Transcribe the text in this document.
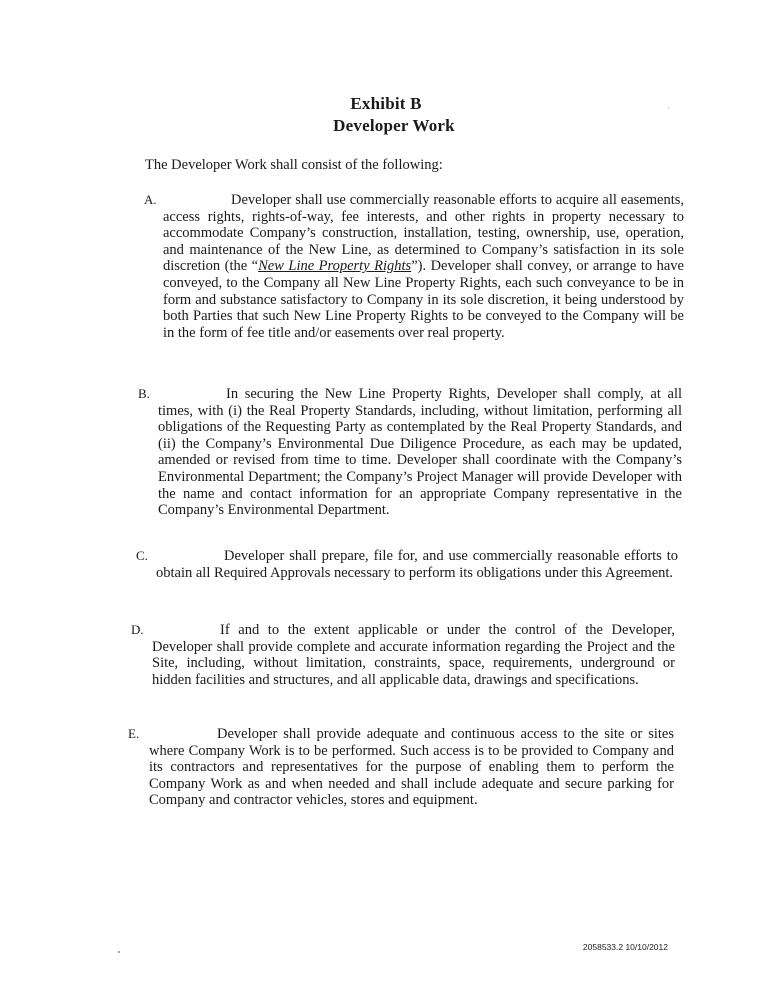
Exhibit B
Developer Work
The Developer Work shall consist of the following:
A.	Developer shall use commercially reasonable efforts to acquire all easements, access rights, rights-of-way, fee interests, and other rights in property necessary to accommodate Company’s construction, installation, testing, ownership, use, operation, and maintenance of the New Line, as determined to Company’s satisfaction in its sole discretion (the “New Line Property Rights”). Developer shall convey, or arrange to have conveyed, to the Company all New Line Property Rights, each such conveyance to be in form and substance satisfactory to Company in its sole discretion, it being understood by both Parties that such New Line Property Rights to be conveyed to the Company will be in the form of fee title and/or easements over real property.
B.	In securing the New Line Property Rights, Developer shall comply, at all times, with (i) the Real Property Standards, including, without limitation, performing all obligations of the Requesting Party as contemplated by the Real Property Standards, and (ii) the Company’s Environmental Due Diligence Procedure, as each may be updated, amended or revised from time to time. Developer shall coordinate with the Company’s Environmental Department; the Company’s Project Manager will provide Developer with the name and contact information for an appropriate Company representative in the Company’s Environmental Department.
C.	Developer shall prepare, file for, and use commercially reasonable efforts to obtain all Required Approvals necessary to perform its obligations under this Agreement.
D.	If and to the extent applicable or under the control of the Developer, Developer shall provide complete and accurate information regarding the Project and the Site, including, without limitation, constraints, space, requirements, underground or hidden facilities and structures, and all applicable data, drawings and specifications.
E.	Developer shall provide adequate and continuous access to the site or sites where Company Work is to be performed. Such access is to be provided to Company and its contractors and representatives for the purpose of enabling them to perform the Company Work as and when needed and shall include adequate and secure parking for Company and contractor vehicles, stores and equipment.
2058533.2 10/10/2012
